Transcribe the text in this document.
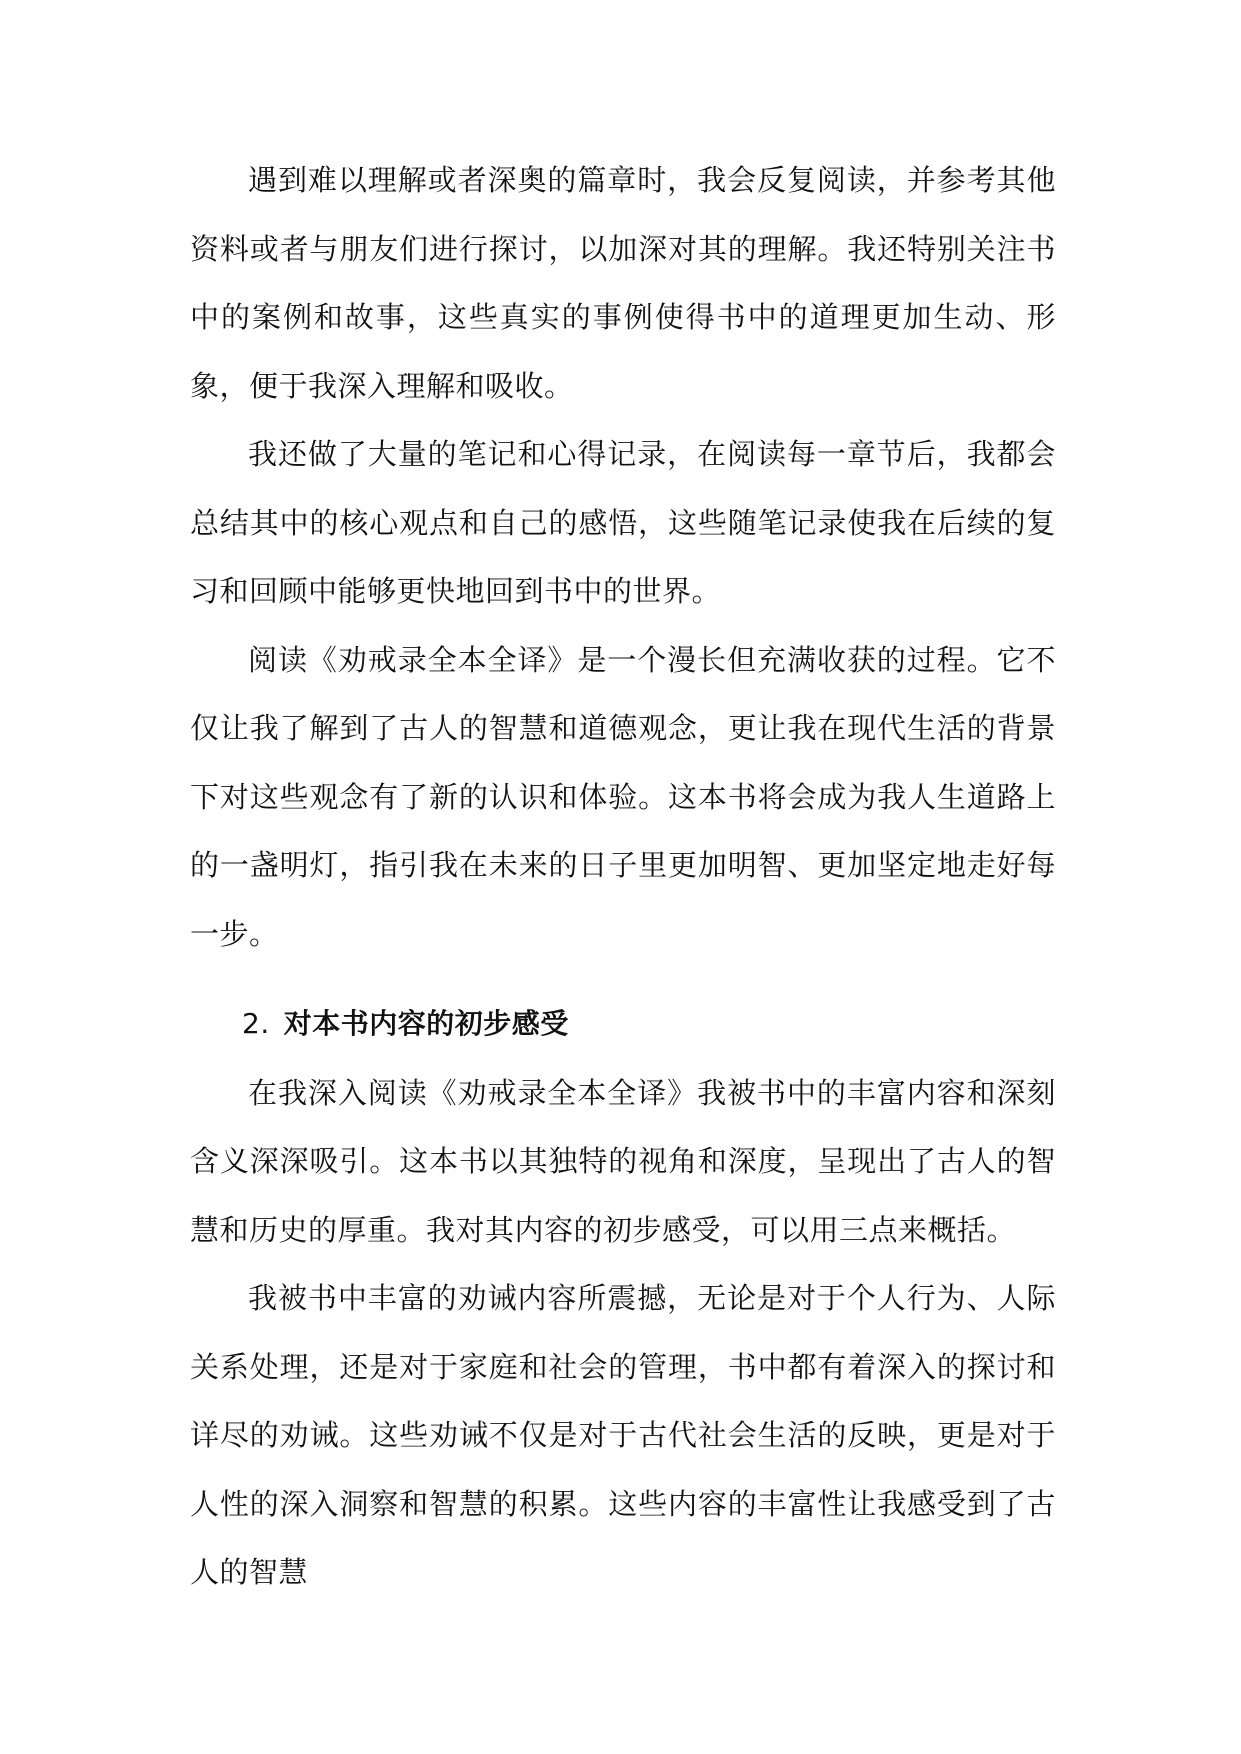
遇到难以理解或者深奥的篇章时，我会反复阅读，并参考其他资料或者与朋友们进行探讨，以加深对其的理解。我还特别关注书中的案例和故事，这些真实的事例使得书中的道理更加生动、形象，便于我深入理解和吸收。

我还做了大量的笔记和心得记录，在阅读每一章节后，我都会总结其中的核心观点和自己的感悟，这些随笔记录使我在后续的复习和回顾中能够更快地回到书中的世界。

阅读《劝戒录全本全译》是一个漫长但充满收获的过程。它不仅让我了解到了古人的智慧和道德观念，更让我在现代生活的背景下对这些观念有了新的认识和体验。这本书将会成为我人生道路上的一盏明灯，指引我在未来的日子里更加明智、更加坚定地走好每一步。

2. 对本书内容的初步感受

在我深入阅读《劝戒录全本全译》我被书中的丰富内容和深刻含义深深吸引。这本书以其独特的视角和深度，呈现出了古人的智慧和历史的厚重。我对其内容的初步感受，可以用三点来概括。

我被书中丰富的劝诫内容所震撼，无论是对于个人行为、人际关系处理，还是对于家庭和社会的管理，书中都有着深入的探讨和详尽的劝诫。这些劝诫不仅是对于古代社会生活的反映，更是对于人性的深入洞察和智慧的积累。这些内容的丰富性让我感受到了古人的智慧
